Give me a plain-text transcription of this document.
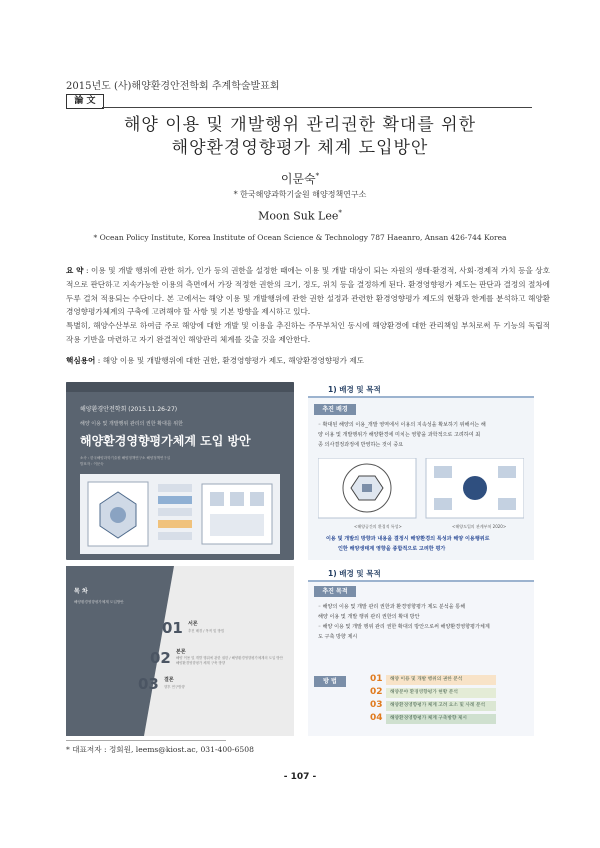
2015년도 (사)해양환경안전학회 추계학술발표회
論 文
해양 이용 및 개발행위 관리권한 확대를 위한
해양환경영향평가 체계 도입방안
이문숙*
* 한국해양과학기술원 해양정책연구소
Moon Suk Lee*
* Ocean Policy Institute, Korea Institute of Ocean Science & Technology 787 Haeanro, Ansan 426-744 Korea
요 약 : 이용 및 개발 행위에 관한 허가, 인가 등의 권한을 설정한 때에는 이용 및 개발 대상이 되는 자원의 생태·환경적, 사회·경제적 가치 등을 상호적으로 판단하고 지속가능한 이용의 측면에서 가장 적정한 권한의 크기, 정도, 위치 등을 결정하게 된다. 환경영향평가 제도는 판단과 결정의 절차에 두루 걸쳐 적용되는 수단이다. 본 고에서는 해양 이용 및 개발행위에 관한 권한 설정과 관련한 환경영향평가 제도의 현황과 한계를 분석하고 해양환경영향평가체계의 구축에 고려해야 할 사항 및 기본 방향을 제시하고 있다.
특별히, 해양수산부로 하여금 주로 해양에 대한 개발 및 이용을 추진하는 주무부처인 동시에 해양환경에 대한 관리책임 부처로써 두 기능의 독립적 작용 기반을 마련하고 자기 완결적인 해양관리 체계를 갖출 것을 제안한다.
핵심용어 : 해양 이용 및 개발행위에 대한 권한, 환경영향평가 제도, 해양환경영향평가 제도
해양환경안전학회 (2015.11.26-27)
해양 이용 및 개발행위 관리의 권한 확대를 위한
해양환경영향평가체계 도입 방안
소속 : 한국해양과학기술원 해양정책연구소 해양정책연구실
발표자 : 이문숙
목 차
해양환경영향평가체계 도입방안
01 서론
추진 배경 / 목적 및 방법
02 본론
해양 이용 및 개발 행위에 관한 권한 / 해양환경영향평가체계의 도입 방안
해양환경영향평가 체계 구축 방향
03 결론
향후 연구방향
1) 배경 및 목적
추진 배경
◦ 확대된 해양의 이용_개발 영역에서 이용의 지속성을 확보하기 위해서는 해
양 이용 및 개발행위가 해양환경에 미치는 영향을 과학적으로 고려하여 최
종 의사결정과정에 반영하는 것이 중요
<해양공간의 환경적 특성>	<해양도입의 관계부처 2020>
이용 및 개발의 방향과 내용을 결정시 해양환경의 특성과 해양 이용행위로
인한 해양생태계 영향을 종합적으로 고려한 평가
1) 배경 및 목적
추진 목적
◦ 해양의 이용 및 개발 관리 권한과 환경영향평가 제도 분석을 통해
해양 이용 및 개발 행위 관리 권한의 확대 방안
◦ 해양 이용 및 개발 행위 관리 권한 확대의 방안으로써 해양환경영향평가체계
도 구축 방향 제시
방 법	01	해양 이용 및 개발 행위의 권한 분석
02	해양분야 환경영향평가 현황 분석
03	해양환경영향평가 체계 고려 요소 및 사례 분석
04	해양환경영향평가 체계 구축방향 제시
* 대표저자 : 정회원, leems@kiost.ac, 031-400-6508
- 107 -
